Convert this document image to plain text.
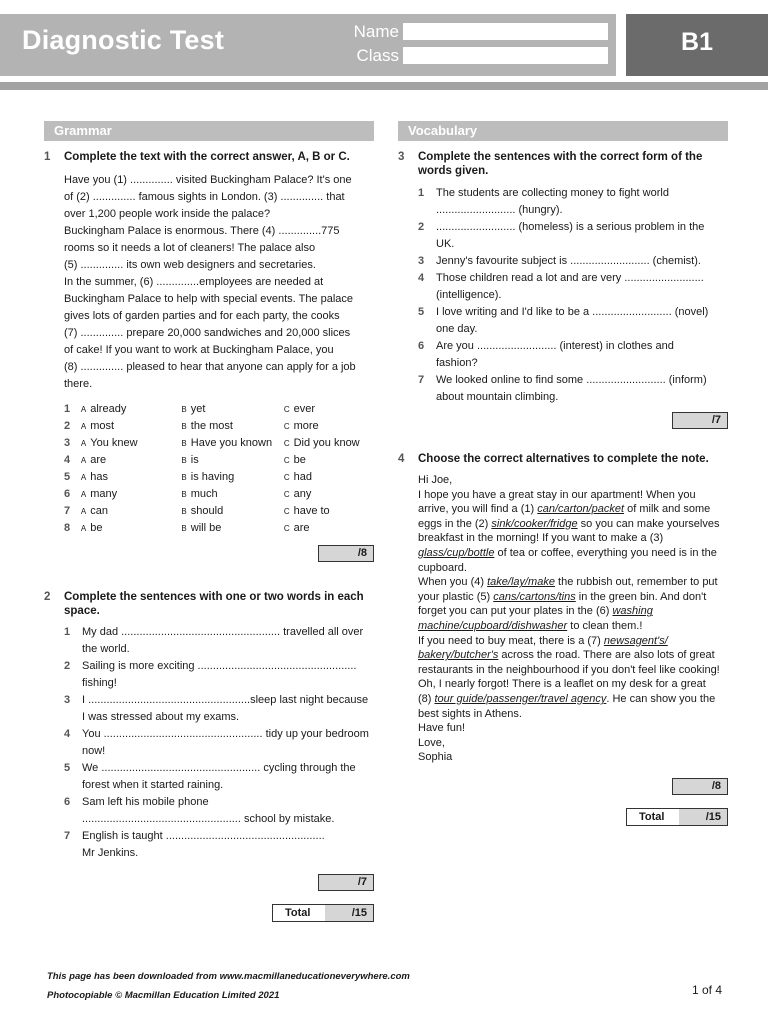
Diagnostic Test	Name
Class	B1
Grammar
1	Complete the text with the correct answer, A, B or C.
Have you (1) .............. visited Buckingham Palace? It's one
of (2) .............. famous sights in London. (3) .............. that
over 1,200 people work inside the palace?
Buckingham Palace is enormous. There (4) ..............775
rooms so it needs a lot of cleaners! The palace also
(5) .............. its own web designers and secretaries.
In the summer, (6) ..............employees are needed at
Buckingham Palace to help with special events. The palace
gives lots of garden parties and for each party, the cooks
(7) .............. prepare 20,000 sandwiches and 20,000 slices
of cake! If you want to work at Buckingham Palace, you
(8) .............. pleased to hear that anyone can apply for a job
there.
1	A already	B yet	C ever
2	A most	B the most	C more
3	A You knew	B Have you known C Did you know
4	A are	B is	C be
5	A has	B is having	C had
6	A many	B much	C any
7	A can	B should	C have to
8	A be	B will be	C are
/8
2	Complete the sentences with one or two words in each space.
1	My dad .................................................... travelled all over
the world.
2	Sailing is more exciting ....................................................
fishing!
3	I .....................................................sleep last night because
I was stressed about my exams.
4	You .................................................... tidy up your bedroom
now!
5	We .................................................... cycling through the
forest when it started raining.
6	Sam left his mobile phone
.................................................... school by mistake.
7	English is taught ....................................................
Mr Jenkins.
/7
Total	/15
Vocabulary
3	Complete the sentences with the correct form of the words given.
1	The students are collecting money to fight world
.......................... (hungry).
2	.......................... (homeless) is a serious problem in the
UK.
3	Jenny's favourite subject is .......................... (chemist).
4	Those children read a lot and are very ..........................
(intelligence).
5	I love writing and I'd like to be a .......................... (novel)
one day.
6	Are you .......................... (interest) in clothes and
fashion?
7	We looked online to find some .......................... (inform)
about mountain climbing.
/7
4	Choose the correct alternatives to complete the note.
Hi Joe,
I hope you have a great stay in our apartment! When you arrive, you will find a (1) can/carton/packet of milk and some eggs in the (2) sink/cooker/fridge so you can make yourselves breakfast in the morning! If you want to make a (3) glass/cup/bottle of tea or coffee, everything you need is in the cupboard.
When you (4) take/lay/make the rubbish out, remember to put your plastic (5) cans/cartons/tins in the green bin. And don't forget you can put your plates in the (6) washing machine/cupboard/dishwasher to clean them.!
If you need to buy meat, there is a (7) newsagent's/ bakery/butcher's across the road. There are also lots of great restaurants in the neighbourhood if you don't feel like cooking!
Oh, I nearly forgot! There is a leaflet on my desk for a great (8) tour guide/passenger/travel agency. He can show you the best sights in Athens.
Have fun!
Love,
Sophia
/8
Total	/15
This page has been downloaded from www.macmillaneducationeverywhere.com
Photocopiable © Macmillan Education Limited 2021	1 of 4
